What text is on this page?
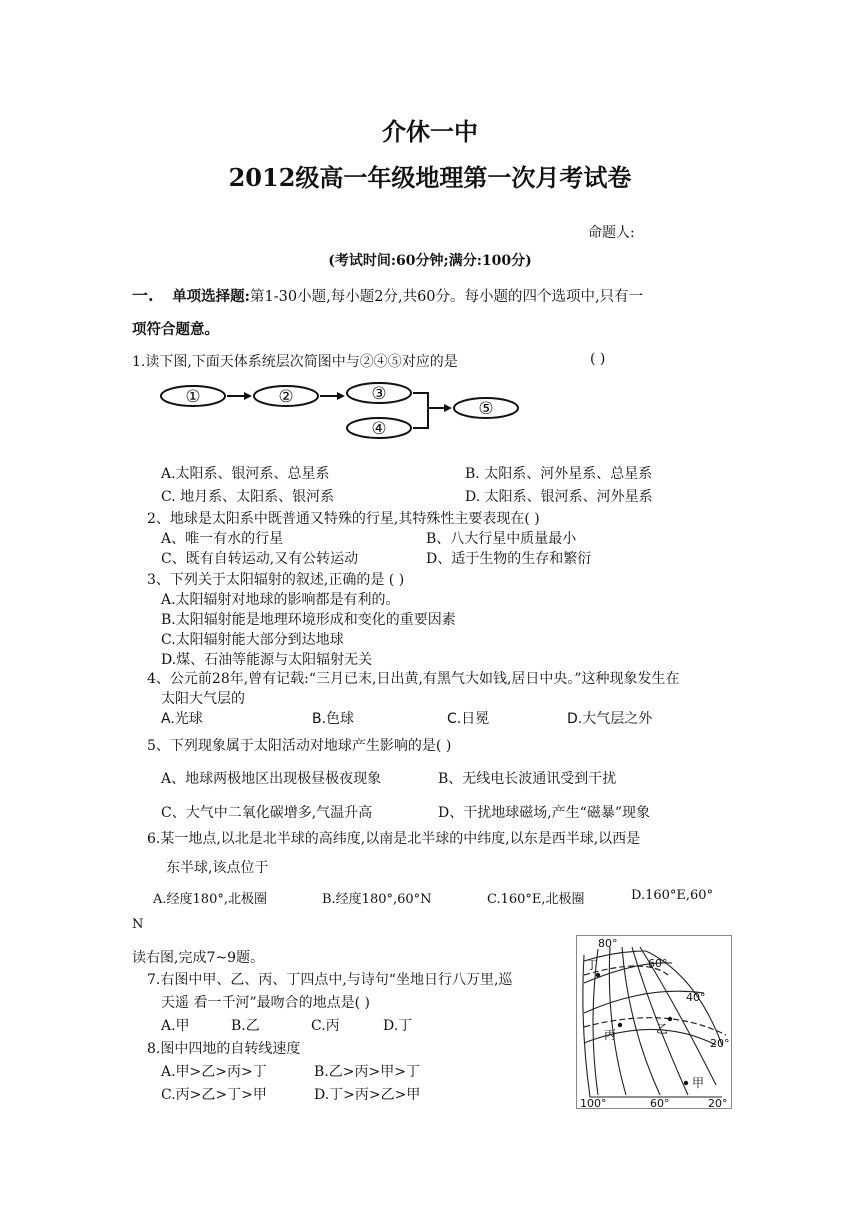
介休一中
2012级高一年级地理第一次月考试卷
命题人:
(考试时间:60分钟;满分:100分)
一. 单项选择题:第1-30小题,每小题2分,共60分。每小题的四个选项中,只有一
项符合题意。
1.读下图,下面天体系统层次简图中与②④⑤对应的是	( )
①	②	③
④
⑤
A.太阳系、银河系、总星系	B. 太阳系、河外星系、总星系
C. 地月系、太阳系、银河系	D. 太阳系、银河系、河外星系
2、地球是太阳系中既普通又特殊的行星,其特殊性主要表现在( )
A、唯一有水的行星	B、八大行星中质量最小
C、既有自转运动,又有公转运动	D、适于生物的生存和繁衍
3、下列关于太阳辐射的叙述,正确的是 ( )
A.太阳辐射对地球的影响都是有利的。
B.太阳辐射能是地理环境形成和变化的重要因素
C.太阳辐射能大部分到达地球
D.煤、石油等能源与太阳辐射无关
4、公元前28年,曾有记载:“三月已末,日出黄,有黑气大如钱,居日中央。”这种现象发生在
太阳大气层的
A.光球	B.色球	C.日冕	D.大气层之外
5、下列现象属于太阳活动对地球产生影响的是( )
A、地球两极地区出现极昼极夜现象	B、无线电长波通讯受到干扰
C、大气中二氧化碳增多,气温升高	D、干扰地球磁场,产生“磁暴”现象
6.某一地点,以北是北半球的高纬度,以南是北半球的中纬度,以东是西半球,以西是
东半球,该点位于
A.经度180°,北极圈	B.经度180°,60°N	C.160°E,北极圈	D.160°E,60°
N
读右图,完成7~9题。
7.右图中甲、乙、丙、丁四点中,与诗句“坐地日行八万里,巡
天遥 看一千河”最吻合的地点是( )
A.甲	B.乙	C.丙	D.丁
8.图中四地的自转线速度
A.甲>乙>丙>丁	B.乙>丙>甲>丁
C.丙>乙>丁>甲	D.丁>丙>乙>甲
80°
60°
40°
20°
100°	60°	20°
丁
丙	乙
甲
